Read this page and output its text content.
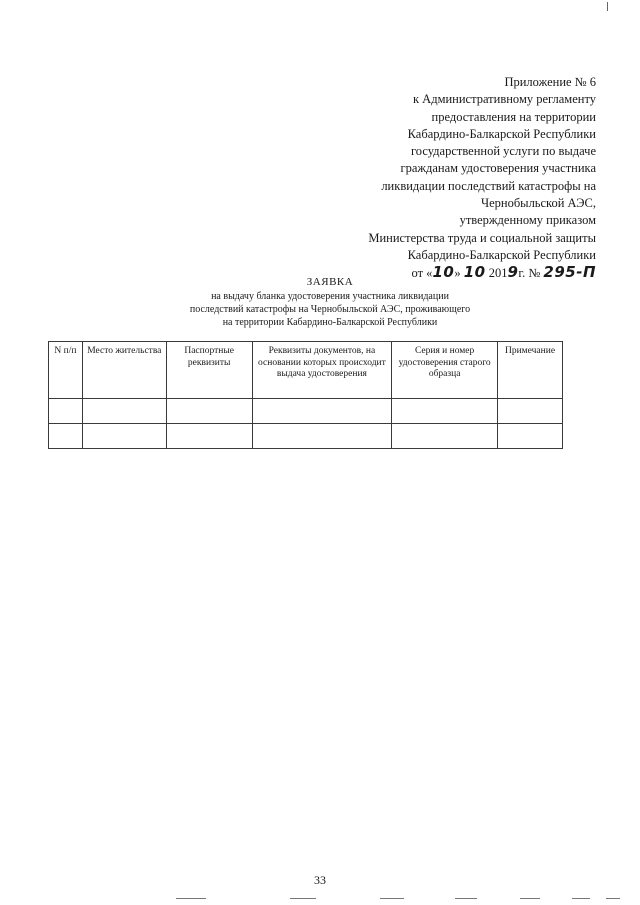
Приложение № 6
к Административному регламенту
предоставления на территории
Кабардино-Балкарской Республики
государственной услуги по выдаче
гражданам удостоверения участника
ликвидации последствий катастрофы на
Чернобыльской АЭС,
утвержденному приказом
Министерства труда и социальной защиты
Кабардино-Балкарской Республики
от «10» 10 2019г. № 295-П
ЗАЯВКА
на выдачу бланка удостоверения участника ликвидации
последствий катастрофы на Чернобыльской АЭС, проживающего
на территории Кабардино-Балкарской Республики
N п/п	Место жительства	Паспортные реквизиты	Реквизиты документов, на основании которых происходит выдача удостоверения	Серия и номер удостоверения старого образца	Примечание

33
